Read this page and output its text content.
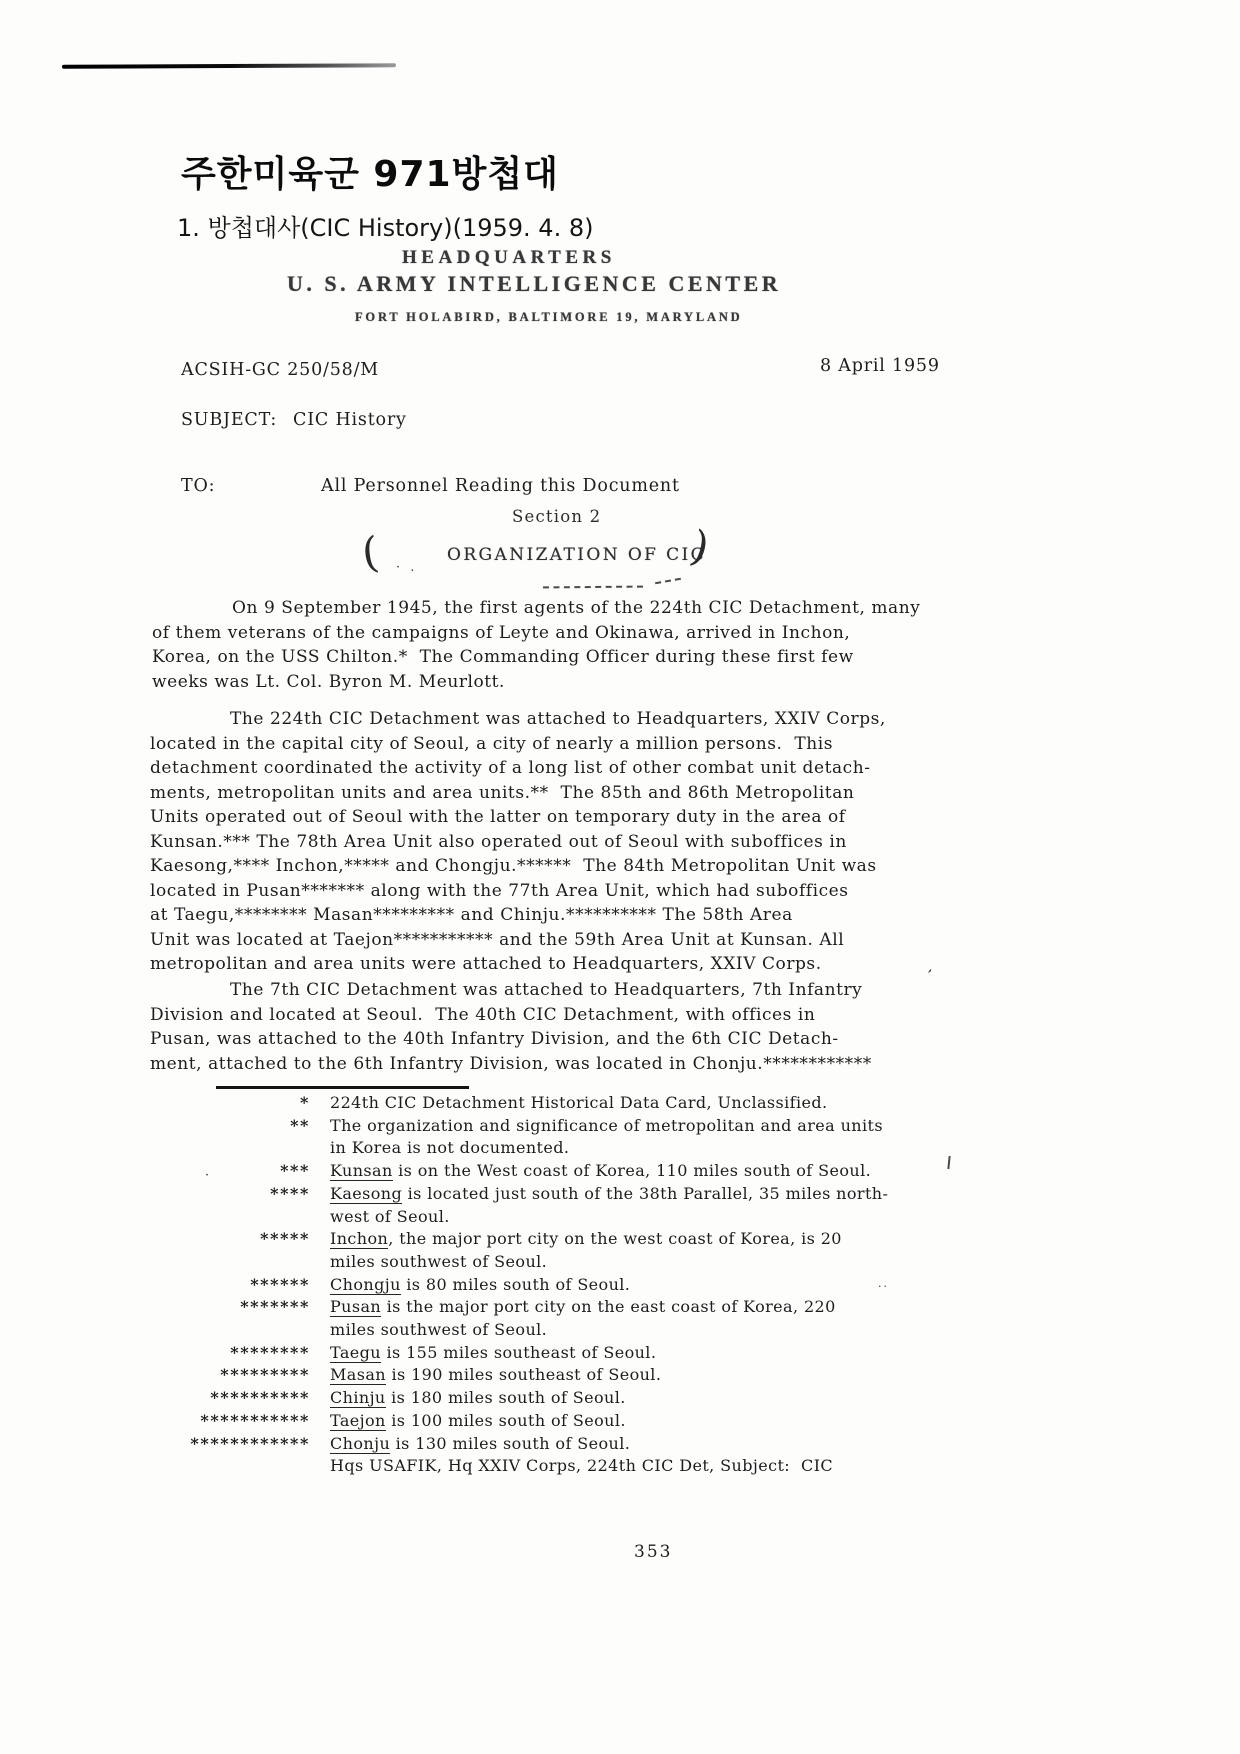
주한미육군 971방첩대
1. 방첩대사(CIC History)(1959. 4. 8)
HEADQUARTERS
U. S. ARMY INTELLIGENCE CENTER
FORT HOLABIRD, BALTIMORE 19, MARYLAND
ACSIH-GC 250/58/M	8 April 1959
SUBJECT: CIC History
TO:	All Personnel Reading this Document
Section 2
(	ORGANIZATION OF CIC
)
· .
On 9 September 1945, the first agents of the 224th CIC Detachment, many
of them veterans of the campaigns of Leyte and Okinawa, arrived in Inchon,
Korea, on the USS Chilton.*  The Commanding Officer during these first few
weeks was Lt. Col. Byron M. Meurlott.
The 224th CIC Detachment was attached to Headquarters, XXIV Corps,
located in the capital city of Seoul, a city of nearly a million persons.  This
detachment coordinated the activity of a long list of other combat unit detach-
ments, metropolitan units and area units.**  The 85th and 86th Metropolitan
Units operated out of Seoul with the latter on temporary duty in the area of
Kunsan.*** The 78th Area Unit also operated out of Seoul with suboffices in
Kaesong,**** Inchon,***** and Chongju.******  The 84th Metropolitan Unit was
located in Pusan******* along with the 77th Area Unit, which had suboffices
at Taegu,******** Masan********* and Chinju.********** The 58th Area
Unit was located at Taejon*********** and the 59th Area Unit at Kunsan. All
metropolitan and area units were attached to Headquarters, XXIV Corps.
The 7th CIC Detachment was attached to Headquarters, 7th Infantry
Division and located at Seoul.  The 40th CIC Detachment, with offices in
Pusan, was attached to the 40th Infantry Division, and the 6th CIC Detach-
ment, attached to the 6th Infantry Division, was located in Chonju.************
* 224th CIC Detachment Historical Data Card, Unclassified.
** The organization and significance of metropolitan and area units
in Korea is not documented.
*** Kunsan is on the West coast of Korea, 110 miles south of Seoul.
**** Kaesong is located just south of the 38th Parallel, 35 miles north-
west of Seoul.
***** Inchon, the major port city on the west coast of Korea, is 20
miles southwest of Seoul.
****** Chongju is 80 miles south of Seoul.
******* Pusan is the major port city on the east coast of Korea, 220
miles southwest of Seoul.
******** Taegu is 155 miles southeast of Seoul.
********* Masan is 190 miles southeast of Seoul.
********** Chinju is 180 miles south of Seoul.
*********** Taejon is 100 miles south of Seoul.
************ Chonju is 130 miles south of Seoul.
Hqs USAFIK, Hq XXIV Corps, 224th CIC Det, Subject:  CIC
353
’
··
·
